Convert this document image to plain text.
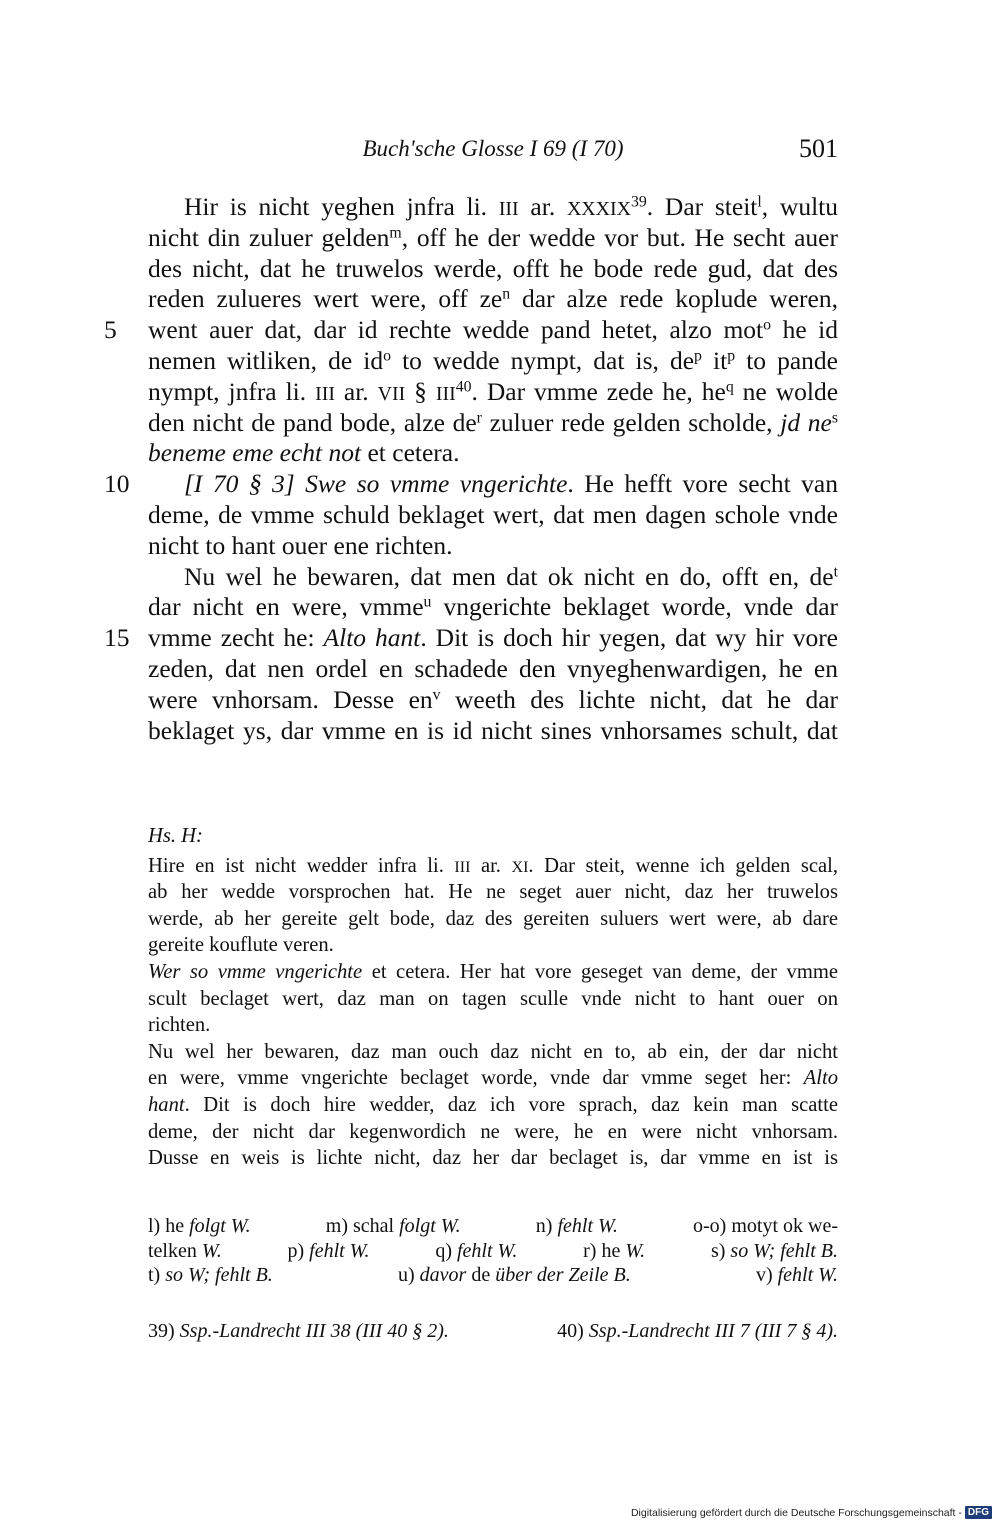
Buch'sche Glosse I 69 (I 70)	501
Hir is nicht yeghen jnfra li. III ar. XXXIX$^{39}$. Dar steit$^l$, wultu
nicht din zuluer gelden$^m$, off he der wedde vor but. He secht auer
des nicht, dat he truwelos werde, offt he bode rede gud, dat des
reden zulueres wert were, off $ze^n$ dar alze rede koplude weren,
5	went auer dat, dar id rechte wedde pand hetet, alzo mot$^o$ he id
nemen witliken, de $id^o$ to wedde nympt, dat is, $de^p$ $it^p$ to pande
nympt, jnfra li. III ar. VII § III$^{40}$. Dar vmme zede he, $he^q$ ne wolde
den nicht de pand bode, alze $de^r$ zuluer rede gelden scholde, jd $ne^s$
beneme eme echt not et cetera.
10 [I 70 § 3] Swe so vmme vngerichte. He hefft vore secht van
deme, de vmme schuld beklaget wert, dat men dagen schole vnde
nicht to hant ouer ene richten.
Nu wel he bewaren, dat men dat ok nicht en do, offt en, $de^t$
dar nicht en were, vmme$^u$ vngerichte beklaget worde, vnde dar
15 vmme zecht he: Alto hant. Dit is doch hir yegen, dat wy hir vore
zeden, dat nen ordel en schadede den vnyeghenwardigen, he en
were vnhorsam. Desse $en^v$ weeth des lichte nicht, dat he dar
beklaget ys, dar vmme en is id nicht sines vnhorsames schult, dat
Hs. H:
Hire en ist nicht wedder infra li. III ar. XI. Dar steit, wenne ich gelden scal,
ab her wedde vorsprochen hat. He ne seget auer nicht, daz her truwelos
werde, ab her gereite gelt bode, daz des gereiten suluers wert were, ab dare
gereite kouflute veren.
Wer so vmme vngerichte et cetera. Her hat vore geseget van deme, der vmme
scult beclaget wert, daz man on tagen sculle vnde nicht to hant ouer on
richten.
Nu wel her bewaren, daz man ouch daz nicht en to, ab ein, der dar nicht
en were, vmme vngerichte beclaget worde, vnde dar vmme seget her: Alto
hant. Dit is doch hire wedder, daz ich vore sprach, daz kein man scatte
deme, der nicht dar kegenwordich ne were, he en were nicht vnhorsam.
Dusse en weis is lichte nicht, daz her dar beclaget is, dar vmme en ist is
l) he folgt W.	m) schal folgt W.	n) fehlt W.	o-o) motyt ok we-
telken W.	p) fehlt W.	q) fehlt W.	r) he W.	s) so W; fehlt B.
t) so W; fehlt B.	u) davor de über der Zeile B.	v) fehlt W.
39) Ssp.-Landrecht III 38 (III 40 § 2).	40) Ssp.-Landrecht III 7 (III 7 § 4).
Digitalisierung gefördert durch die Deutsche Forschungsgemeinschaft - DFG
